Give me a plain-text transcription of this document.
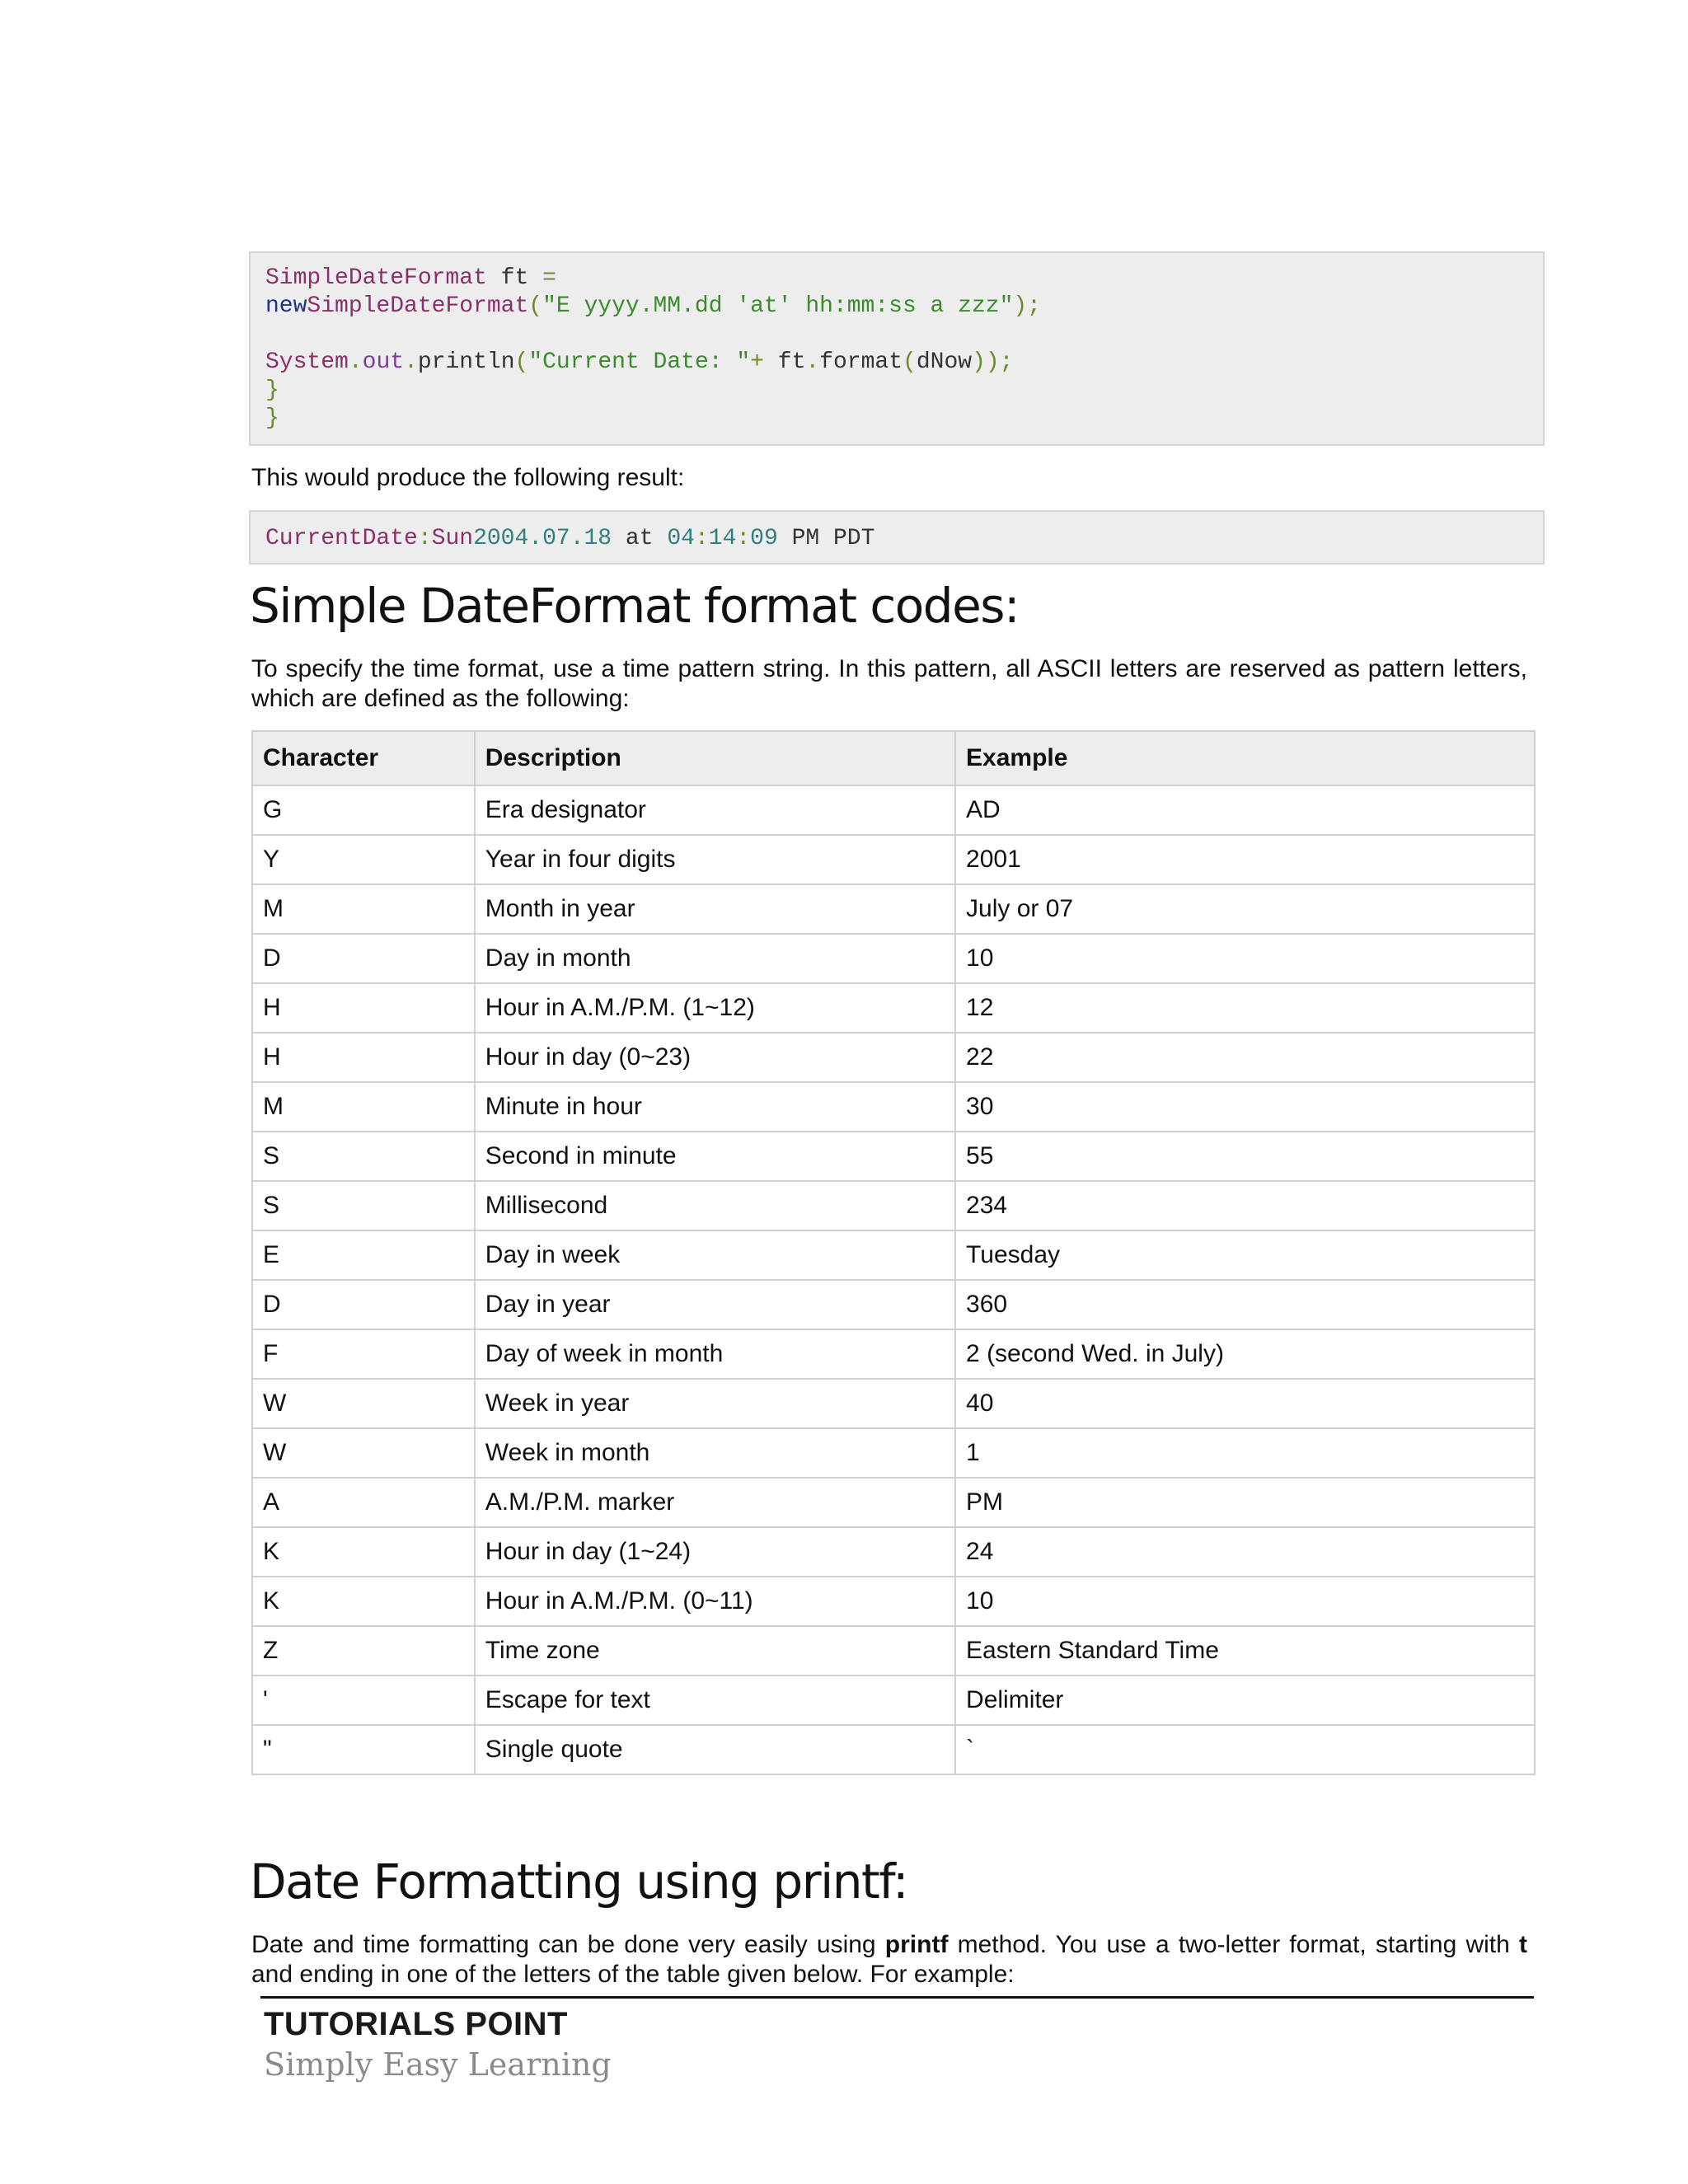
SimpleDateFormat ft =
newSimpleDateFormat("E yyyy.MM.dd 'at' hh:mm:ss a zzz");
System.out.println("Current Date: "+ ft.format(dNow));
}
}
This would produce the following result:
CurrentDate:Sun2004.07.18 at 04:14:09 PM PDT
Simple DateFormat format codes:
To specify the time format, use a time pattern string. In this pattern, all ASCII letters are reserved as pattern letters, which are defined as the following:
Character	Description	Example
G	Era designator	AD
Y	Year in four digits	2001
M	Month in year	July or 07
D	Day in month	10
H	Hour in A.M./P.M. (1~12)	12
H	Hour in day (0~23)	22
M	Minute in hour	30
S	Second in minute	55
S	Millisecond	234
E	Day in week	Tuesday
D	Day in year	360
F	Day of week in month	2 (second Wed. in July)
W	Week in year	40
W	Week in month	1
A	A.M./P.M. marker	PM
K	Hour in day (1~24)	24
K	Hour in A.M./P.M. (0~11)	10
Z	Time zone	Eastern Standard Time
'	Escape for text	Delimiter
"	Single quote	`
Date Formatting using printf:
Date and time formatting can be done very easily using printf method. You use a two-letter format, starting with t and ending in one of the letters of the table given below. For example:
TUTORIALS POINT
Simply Easy Learning
